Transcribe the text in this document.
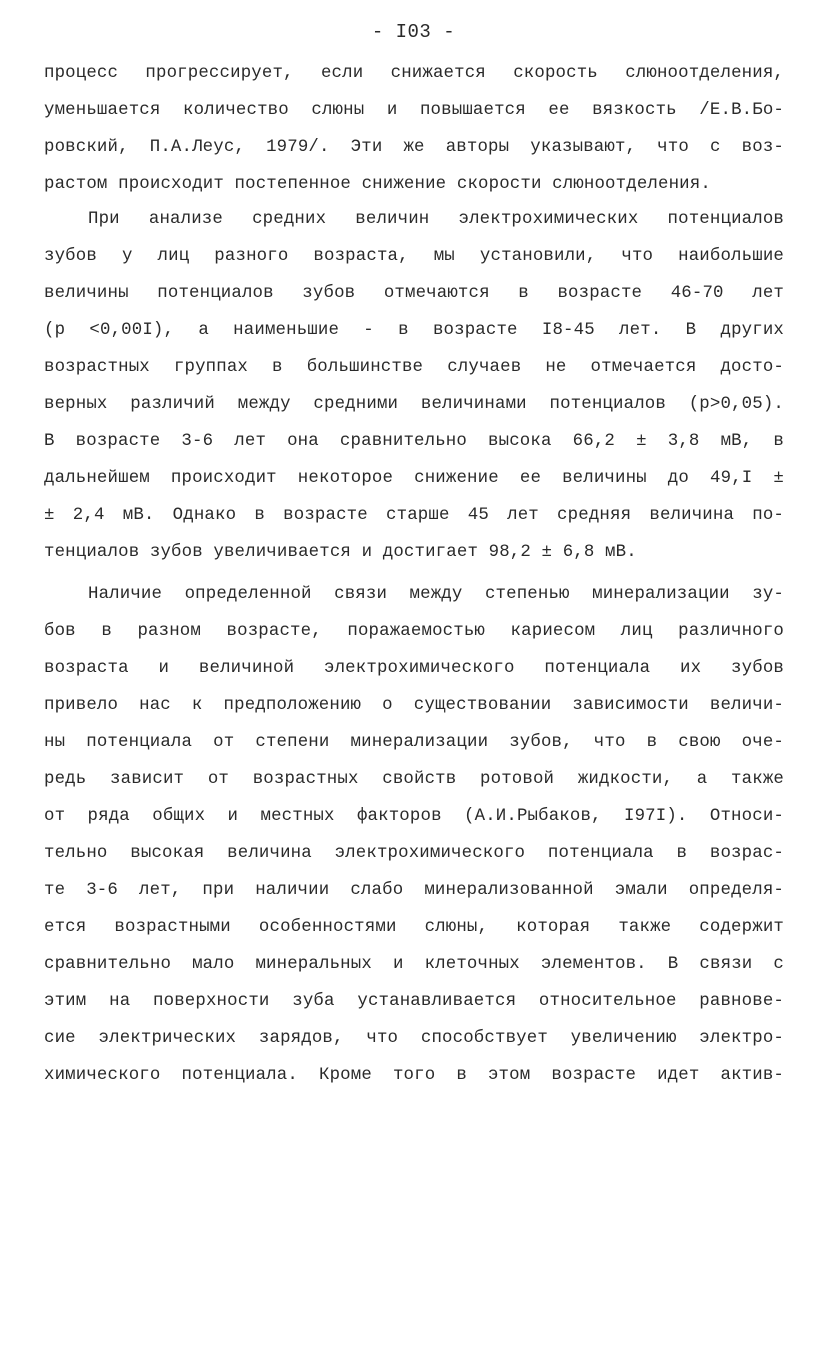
- I03 -
процесс прогрессирует, если снижается скорость слюноотделения,
уменьшается количество слюны и повышается ее вязкость /Е.В.Бо-
ровский, П.А.Леус, 1979/. Эти же авторы указывают, что с воз-
растом происходит постепенное снижение скорости слюноотделения.
При анализе средних величин электрохимических потенциалов
зубов у лиц разного возраста, мы установили, что наибольшие
величины потенциалов зубов отмечаются в возрасте 46-70 лет
(p <0,00I), а наименьшие - в возрасте I8-45 лет. В других
возрастных группах в большинстве случаев не отмечается досто-
верных различий между средними величинами потенциалов (p>0,05).
В возрасте 3-6 лет она сравнительно высока 66,2 ± 3,8 мВ, в
дальнейшем происходит некоторое снижение ее величины до 49,I ±
± 2,4 мВ. Однако в возрасте старше 45 лет средняя величина по-
тенциалов зубов увеличивается и достигает 98,2 ± 6,8 мВ.
Наличие определенной связи между степенью минерализации зу-
бов в разном возрасте, поражаемостью кариесом лиц различного
возраста и величиной электрохимического потенциала их зубов
привело нас к предположению о существовании зависимости величи-
ны потенциала от степени минерализации зубов, что в свою оче-
редь зависит от возрастных свойств ротовой жидкости, а также
от ряда общих и местных факторов (А.И.Рыбаков, I97I). Относи-
тельно высокая величина электрохимического потенциала в возрас-
те 3-6 лет, при наличии слабо минерализованной эмали определя-
ется возрастными особенностями слюны, которая также содержит
сравнительно мало минеральных и клеточных элементов. В связи с
этим на поверхности зуба устанавливается относительное равнове-
сие электрических зарядов, что способствует увеличению электро-
химического потенциала. Кроме того в этом возрасте идет актив-
